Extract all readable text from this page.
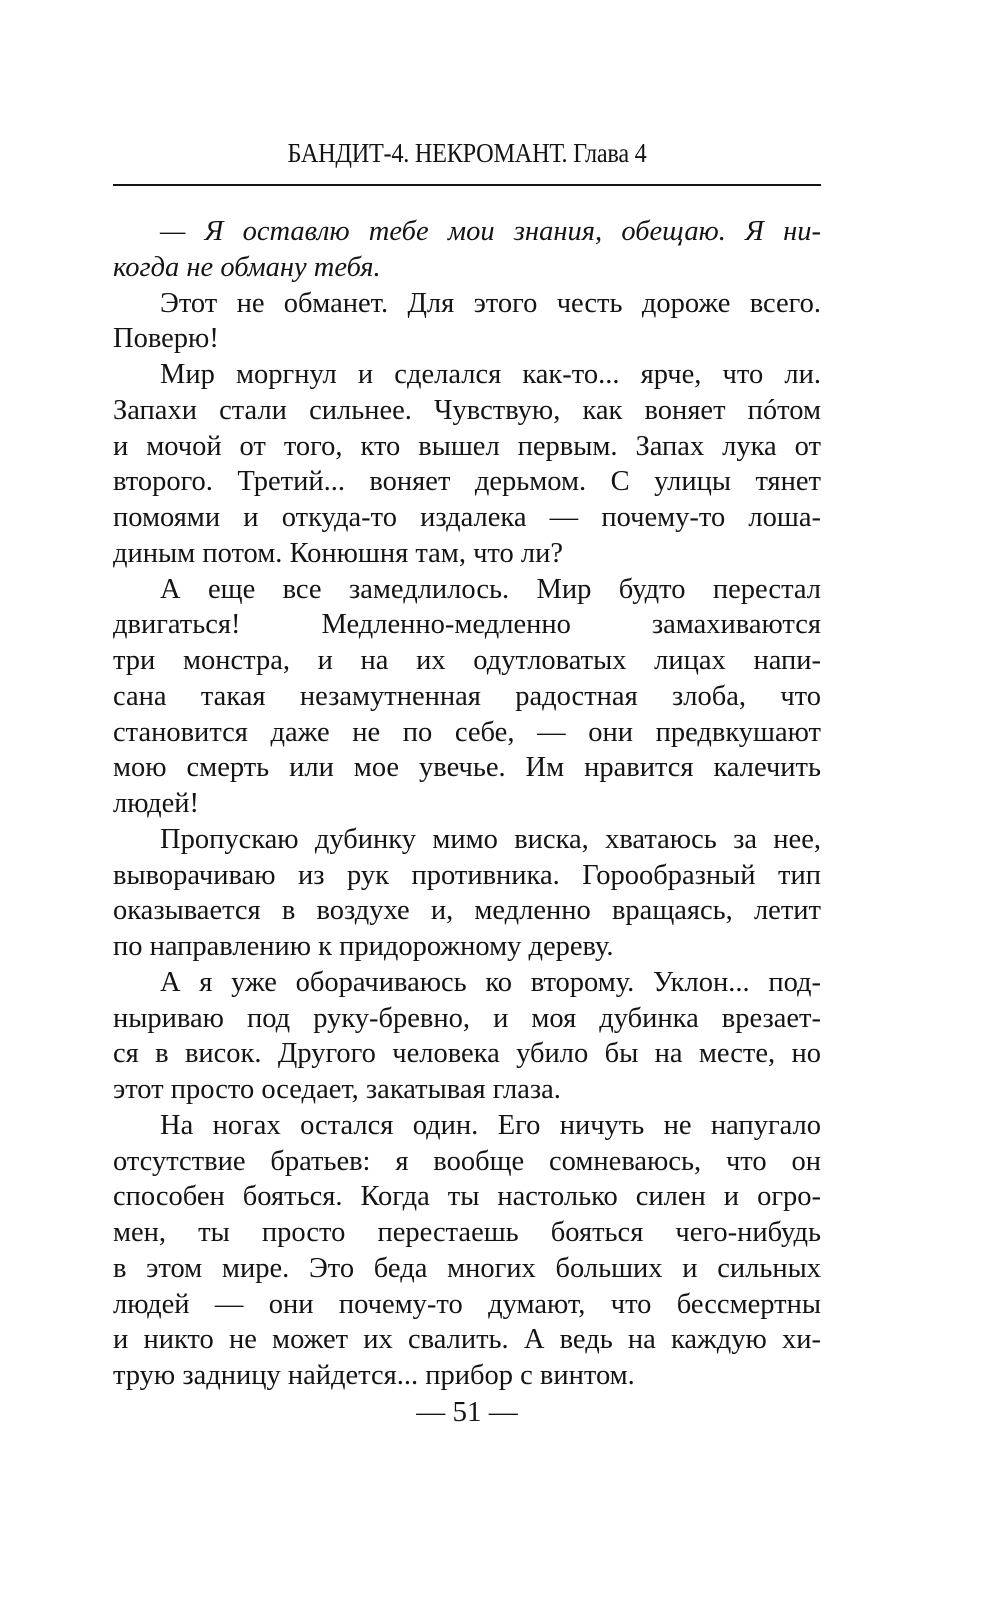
БАНДИТ-4. НЕКРОМАНТ. Глава 4
— Я оставлю тебе мои знания, обещаю. Я ни-
когда не обману тебя.
Этот не обманет. Для этого честь дороже всего.
Поверю!
Мир моргнул и сделался как-то... ярче, что ли.
Запахи стали сильнее. Чувствую, как воняет пóтом
и мочой от того, кто вышел первым. Запах лука от
второго. Третий... воняет дерьмом. С улицы тянет
помоями и откуда-то издалека — почему-то лоша-
диным потом. Конюшня там, что ли?
А еще все замедлилось. Мир будто перестал
двигаться! Медленно-медленно замахиваются
три монстра, и на их одутловатых лицах напи-
сана такая незамутненная радостная злоба, что
становится даже не по себе, — они предвкушают
мою смерть или мое увечье. Им нравится калечить
людей!
Пропускаю дубинку мимо виска, хватаюсь за нее,
выворачиваю из рук противника. Горообразный тип
оказывается в воздухе и, медленно вращаясь, летит
по направлению к придорожному дереву.
А я уже оборачиваюсь ко второму. Уклон... под-
ныриваю под руку-бревно, и моя дубинка врезает-
ся в висок. Другого человека убило бы на месте, но
этот просто оседает, закатывая глаза.
На ногах остался один. Его ничуть не напугало
отсутствие братьев: я вообще сомневаюсь, что он
способен бояться. Когда ты настолько силен и огро-
мен, ты просто перестаешь бояться чего-нибудь
в этом мире. Это беда многих больших и сильных
людей — они почему-то думают, что бессмертны
и никто не может их свалить. А ведь на каждую хи-
трую задницу найдется... прибор с винтом.
— 51 —
